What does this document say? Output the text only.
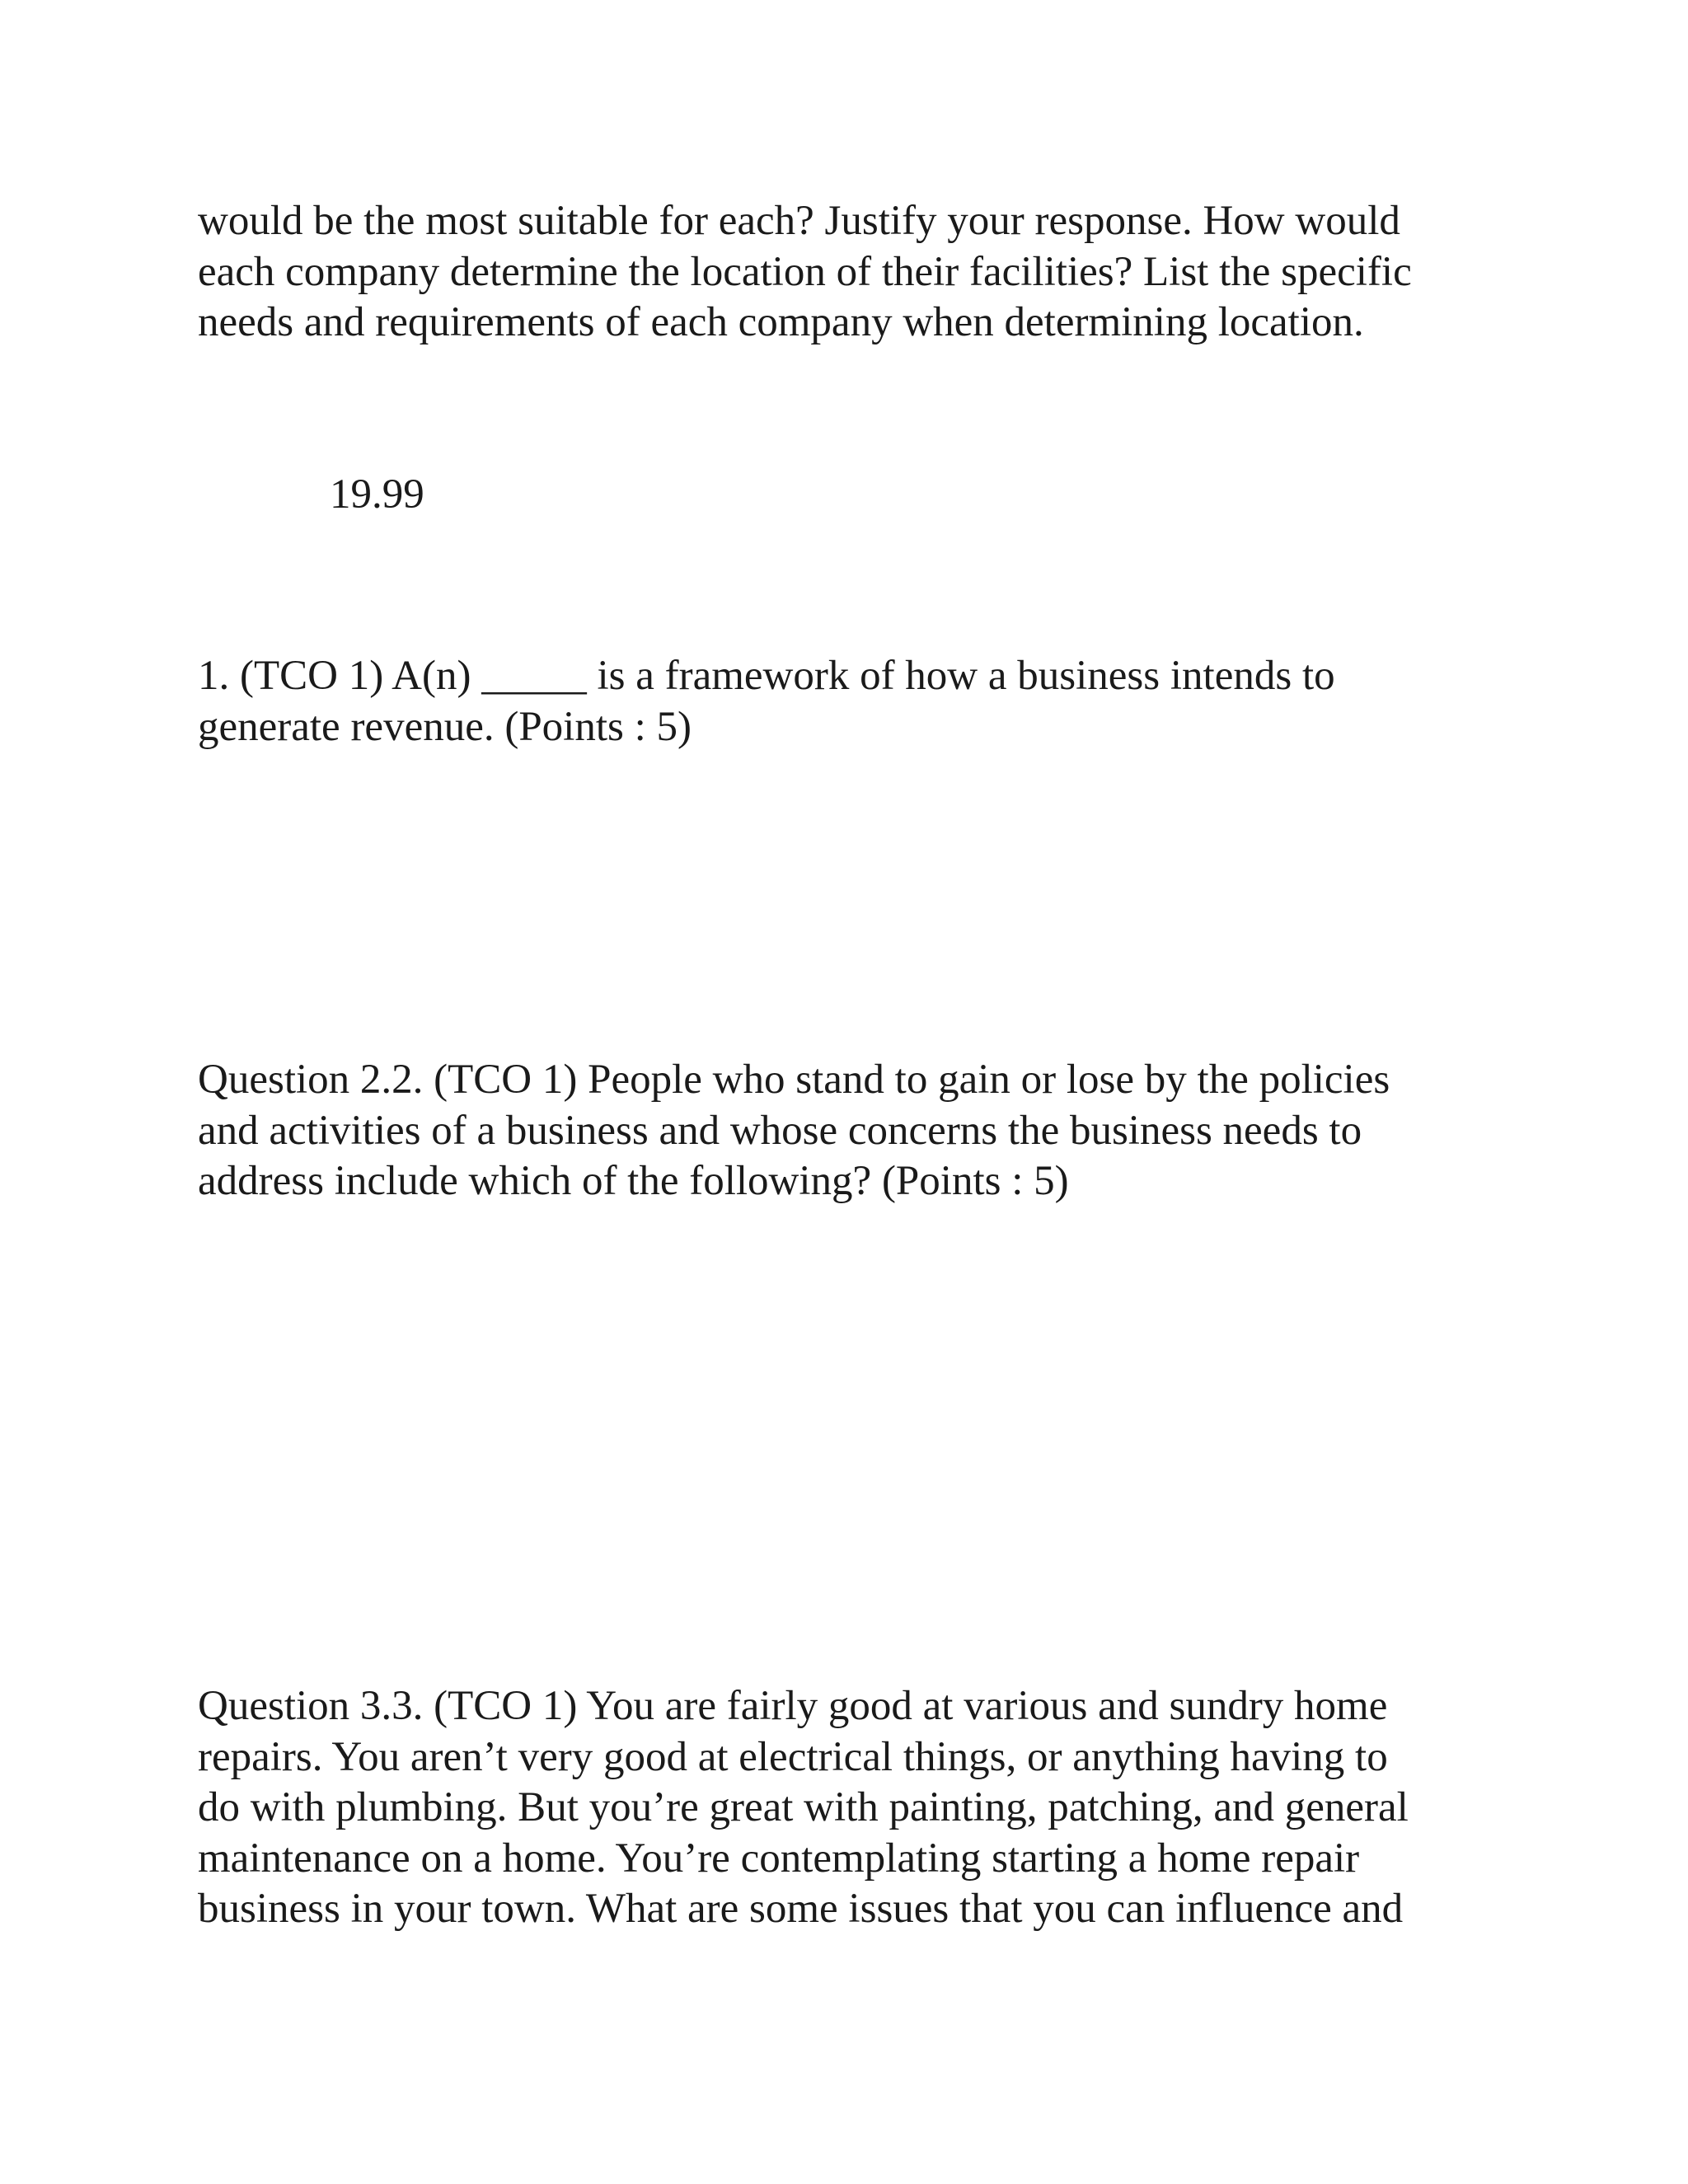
would be the most suitable for each? Justify your response. How would
each company determine the location of their facilities? List the specific
needs and requirements of each company when determining location.
19.99
1. (TCO 1) A(n) _____ is a framework of how a business intends to
generate revenue. (Points : 5)
Question 2.2. (TCO 1) People who stand to gain or lose by the policies
and activities of a business and whose concerns the business needs to
address include which of the following? (Points : 5)
Question 3.3. (TCO 1) You are fairly good at various and sundry home
repairs. You aren’t very good at electrical things, or anything having to
do with plumbing. But you’re great with painting, patching, and general
maintenance on a home. You’re contemplating starting a home repair
business in your town. What are some issues that you can influence and
